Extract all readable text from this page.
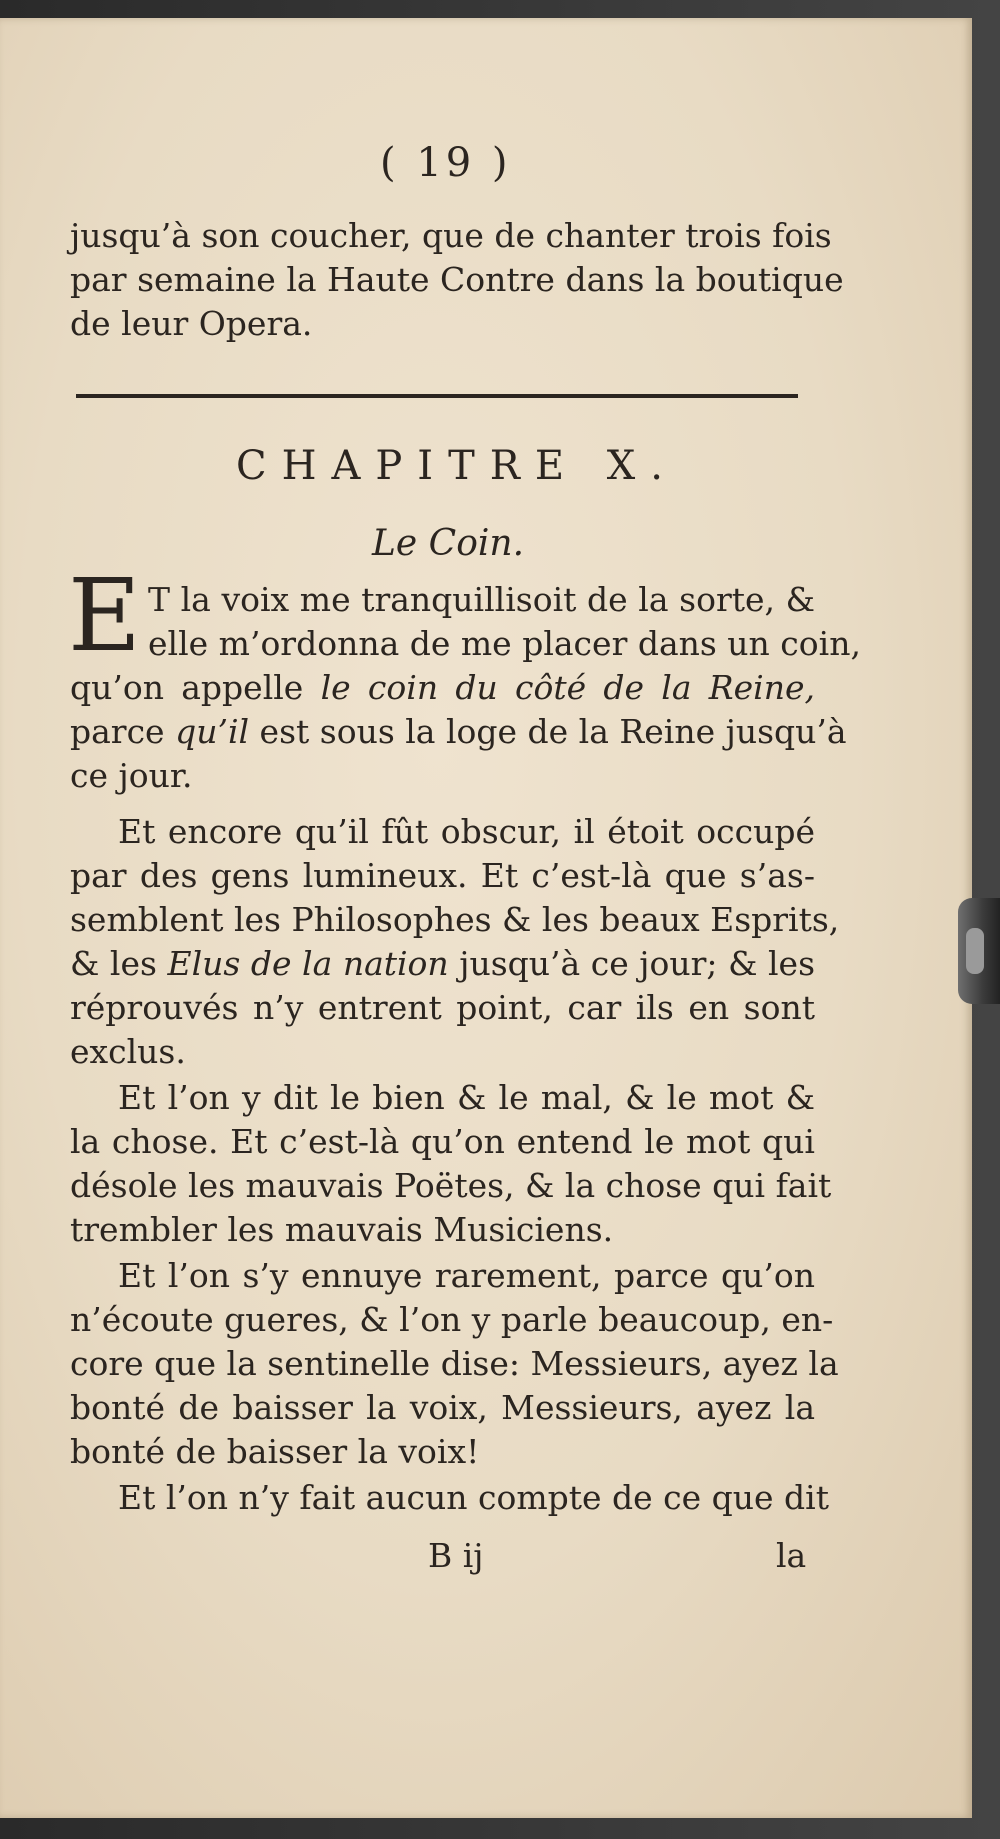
( 19 )
jusqu’à son coucher, que de chanter trois fois
par semaine la Haute Contre dans la boutique
de leur Opera.
CHAPITRE X.
Le Coin.
E T la voix me tranquillisoit de la sorte, &
elle m’ordonna de me placer dans un coin,
qu’on appelle le coin du côté de la Reine,
parce qu’il est sous la loge de la Reine jusqu’à
ce jour.
Et encore qu’il fût obscur, il étoit occupé
par des gens lumineux. Et c’est-là que s’as-
semblent les Philosophes & les beaux Esprits,
& les Elus de la nation jusqu’à ce jour; & les
réprouvés n’y entrent point, car ils en sont
exclus.
Et l’on y dit le bien & le mal, & le mot &
la chose. Et c’est-là qu’on entend le mot qui
désole les mauvais Poëtes, & la chose qui fait
trembler les mauvais Musiciens.
Et l’on s’y ennuye rarement, parce qu’on
n’écoute gueres, & l’on y parle beaucoup, en-
core que la sentinelle dise: Messieurs, ayez la
bonté de baisser la voix, Messieurs, ayez la
bonté de baisser la voix!
Et l’on n’y fait aucun compte de ce que dit
B ij	la
